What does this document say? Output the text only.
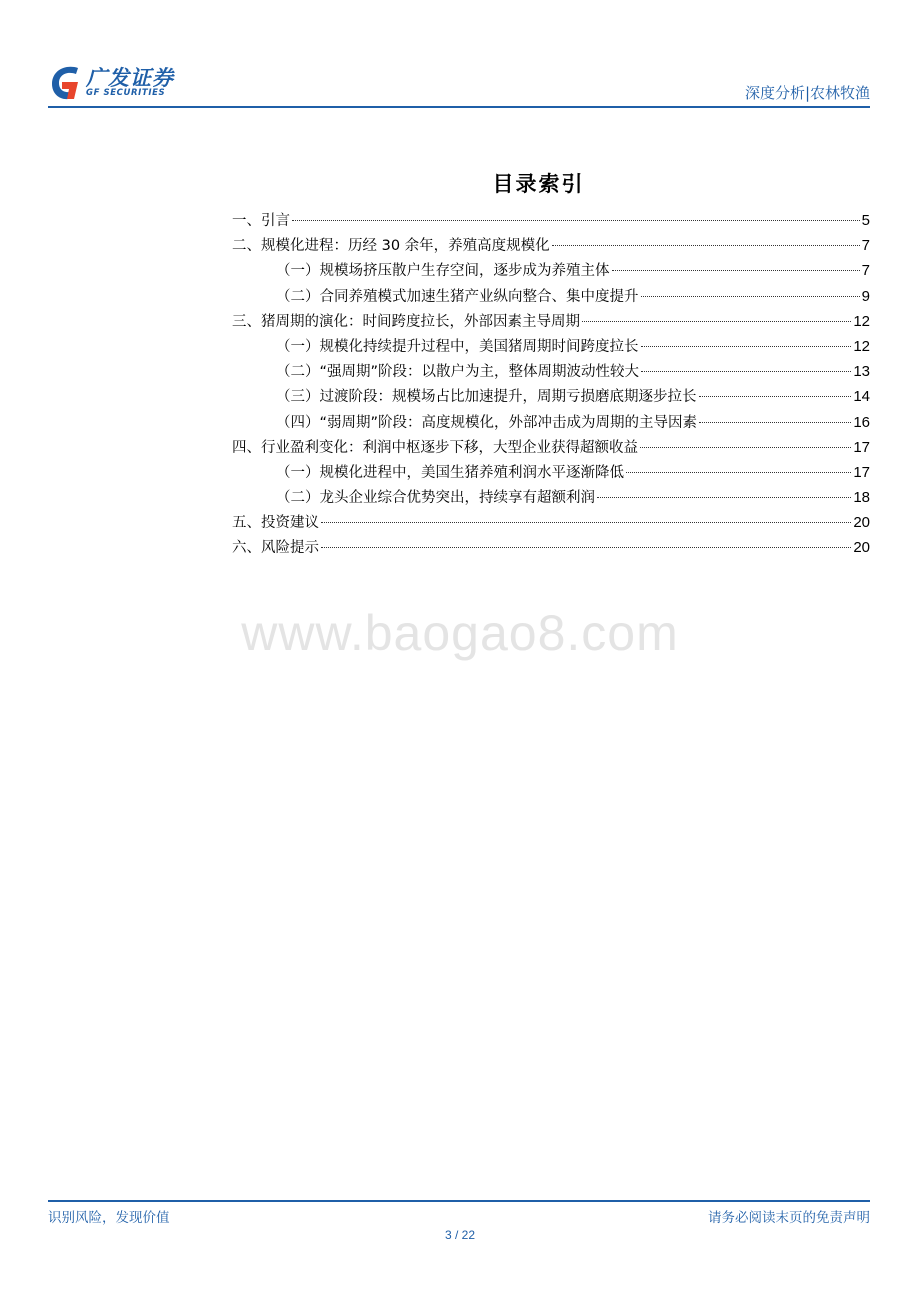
广发证券
GF SECURITIES	深度分析|农林牧渔
目录索引
一、引言	5
二、规模化进程：历经 30 余年，养殖高度规模化	7
（一）规模场挤压散户生存空间，逐步成为养殖主体	7
（二）合同养殖模式加速生猪产业纵向整合、集中度提升	9
三、猪周期的演化：时间跨度拉长，外部因素主导周期	12
（一）规模化持续提升过程中，美国猪周期时间跨度拉长	12
（二）“强周期”阶段：以散户为主，整体周期波动性较大	13
（三）过渡阶段：规模场占比加速提升，周期亏损磨底期逐步拉长	14
（四）“弱周期”阶段：高度规模化，外部冲击成为周期的主导因素	16
四、行业盈利变化：利润中枢逐步下移，大型企业获得超额收益	17
（一）规模化进程中，美国生猪养殖利润水平逐渐降低	17
（二）龙头企业综合优势突出，持续享有超额利润	18
五、投资建议	20
六、风险提示	20
www.baogao8.com
识别风险，发现价值	请务必阅读末页的免责声明
3 / 22
